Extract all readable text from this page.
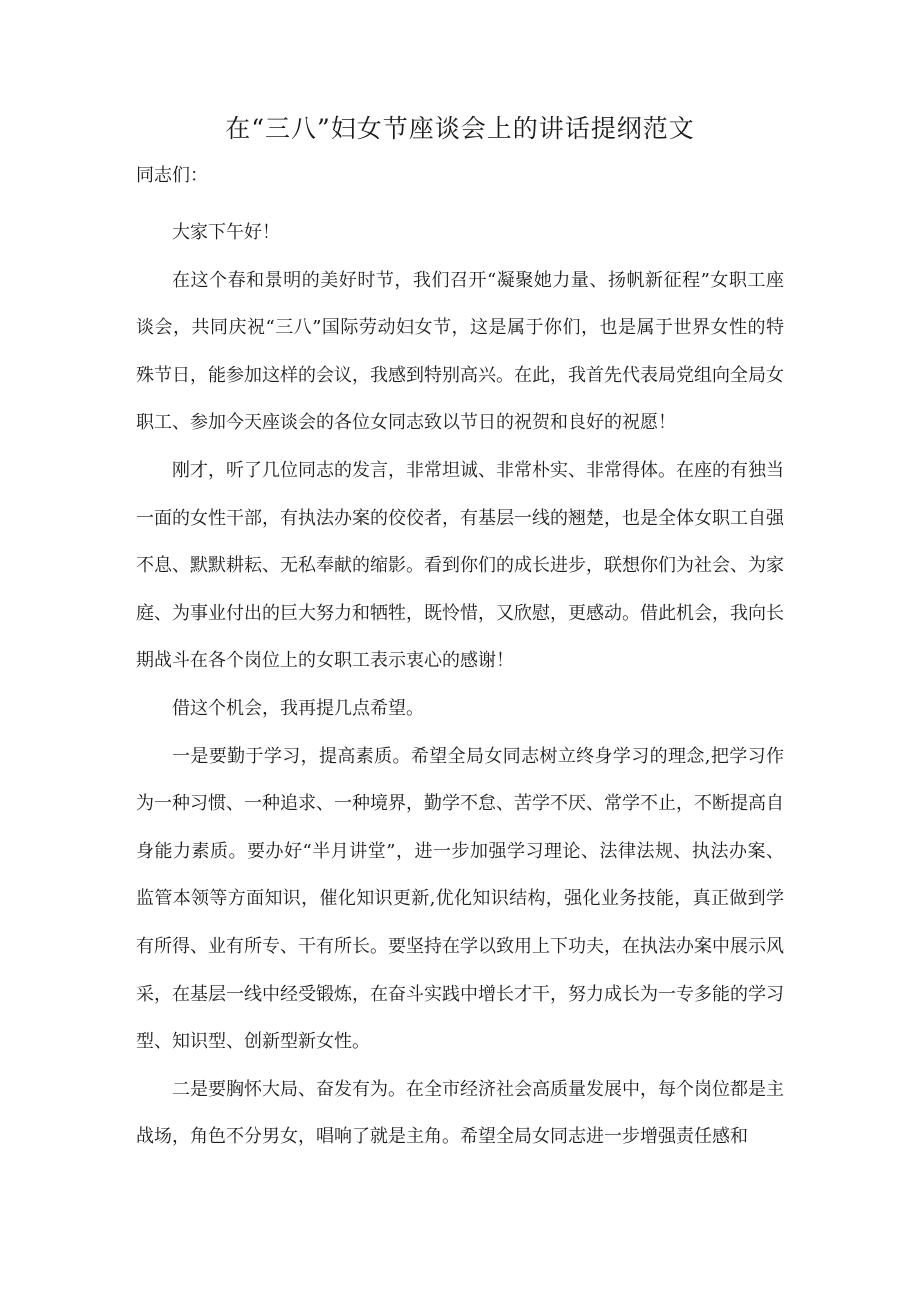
在“三八”妇女节座谈会上的讲话提纲范文
同志们：

大家下午好！

在这个春和景明的美好时节，我们召开“凝聚她力量、扬帆新征程”女职工座谈会，共同庆祝“三八”国际劳动妇女节，这是属于你们，也是属于世界女性的特殊节日，能参加这样的会议，我感到特别高兴。在此，我首先代表局党组向全局女职工、参加今天座谈会的各位女同志致以节日的祝贺和良好的祝愿！

刚才，听了几位同志的发言，非常坦诚、非常朴实、非常得体。在座的有独当一面的女性干部，有执法办案的佼佼者，有基层一线的翘楚，也是全体女职工自强不息、默默耕耘、无私奉献的缩影。看到你们的成长进步，联想你们为社会、为家庭、为事业付出的巨大努力和牺牲，既怜惜，又欣慰，更感动。借此机会，我向长期战斗在各个岗位上的女职工表示衷心的感谢！

借这个机会，我再提几点希望。

一是要勤于学习，提高素质。希望全局女同志树立终身学习的理念,把学习作为一种习惯、一种追求、一种境界，勤学不怠、苦学不厌、常学不止，不断提高自身能力素质。要办好“半月讲堂”，进一步加强学习理论、法律法规、执法办案、监管本领等方面知识，催化知识更新,优化知识结构，强化业务技能，真正做到学有所得、业有所专、干有所长。要坚持在学以致用上下功夫，在执法办案中展示风采，在基层一线中经受锻炼，在奋斗实践中增长才干，努力成长为一专多能的学习型、知识型、创新型新女性。

二是要胸怀大局、奋发有为。在全市经济社会高质量发展中，每个岗位都是主战场，角色不分男女，唱响了就是主角。希望全局女同志进一步增强责任感和
